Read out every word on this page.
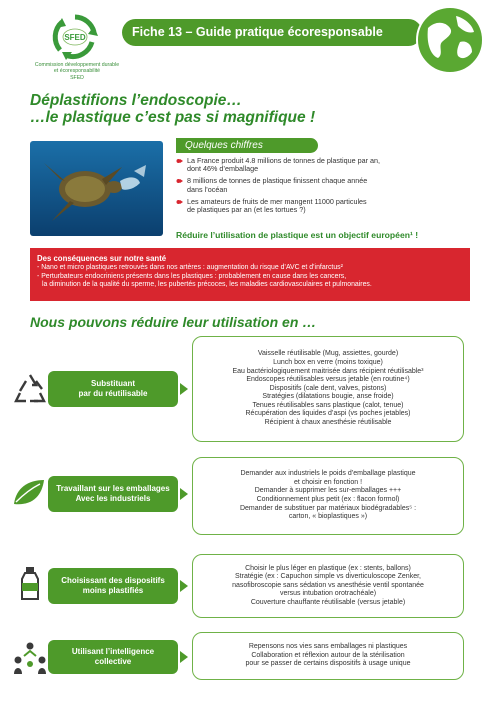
SFED
Commission développement durable
et écoresponsabilité
SFED
Fiche 13 – Guide pratique écoresponsable
Déplastifions l’endoscopie…
…le plastique c’est pas si magnifique !
Quelques chiffres
La France produit 4.8 millions de tonnes de plastique par an,
dont 46% d’emballage
8 millions de tonnes de plastique finissent chaque année
dans l’océan
Les amateurs de fruits de mer mangent 11000 particules
de plastiques par an (et les tortues ?)
Réduire l’utilisation de plastique est un objectif européen¹ !
Des conséquences sur notre santé
- Nano et micro plastiques retrouvés dans nos artères : augmentation du risque d’AVC et d’infarctus²
- Perturbateurs endocriniens présents dans les plastiques : probablement en cause dans les cancers,
la diminution de la qualité du sperme, les pubertés précoces, les maladies cardiovasculaires et pulmonaires.
Nous pouvons réduire leur utilisation en …
Substituant
par du réutilisable
Vaisselle réutilisable (Mug, assiettes, gourde)
Lunch box en verre (moins toxique)
Eau bactériologiquement maitrisée dans récipient réutilisable³
Endoscopes réutilisables versus jetable (en routine⁴)
Dispositifs (cale dent, valves, pistons)
Stratégies (dilatations bougie, anse froide)
Tenues réutilisables sans plastique (calot, tenue)
Récupération des liquides d’aspi (vs poches jetables)
Récipient à chaux anesthésie réutilisable
Travaillant sur les emballages
Avec les industriels
Demander aux industriels le poids d’emballage plastique
et choisir en fonction !
Demander à supprimer les sur-emballages +++
Conditionnement plus petit (ex : flacon formol)
Demander de substituer par matériaux biodégradables⁵ :
carton, « bioplastiques »)
Choisissant des dispositifs
moins plastifiés
Choisir le plus léger en plastique (ex : stents, ballons)
Stratégie (ex : Capuchon simple vs diverticuloscope Zenker,
nasofibroscopie sans sédation vs anesthésie ventil spontanée
versus intubation orotrachéale)
Couverture chauffante réutilisable (versus jetable)
Utilisant l’intelligence
collective
Repensons nos vies sans emballages ni plastiques
Collaboration et réflexion autour de la stérilisation
pour se passer de certains dispositifs à usage unique
